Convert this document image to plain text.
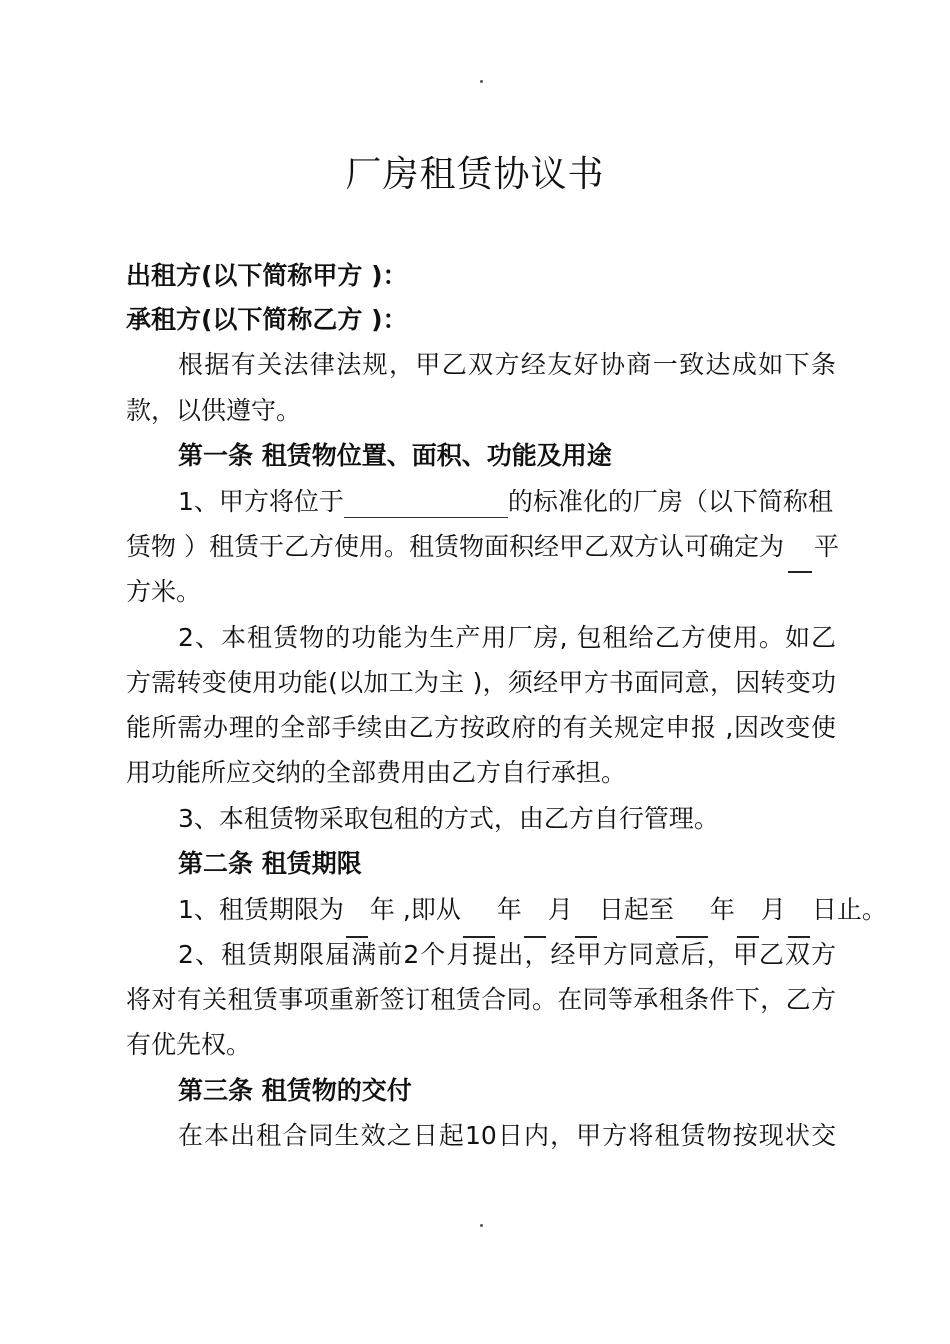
厂房租赁协议书
出租方(以下简称甲方 )：
承租方(以下简称乙方 )：
根据有关法律法规，甲乙双方经友好协商一致达成如下条
款，以供遵守。
第一条 租赁物位置、面积、功能及用途
1、甲方将位于	的标准化的厂房（以下简称租
赁物 ）租赁于乙方使用。租赁物面积经甲乙双方认可确定为 平
方米。
2、本租赁物的功能为生产用厂房, 包租给乙方使用。如乙
方需转变使用功能(以加工为主 )，须经甲方书面同意，因转变功
能所需办理的全部手续由乙方按政府的有关规定申报 ,因改变使
用功能所应交纳的全部费用由乙方自行承担。
3、本租赁物采取包租的方式，由乙方自行管理。
第二条 租赁期限
1、租赁期限为 年 ,即从 年 月 日起至 年 月 日止。
2、租赁期限届满前2个月提出，经甲方同意后，甲乙双方
将对有关租赁事项重新签订租赁合同。在同等承租条件下，乙方
有优先权。
第三条 租赁物的交付
在本出租合同生效之日起10日内，甲方将租赁物按现状交
